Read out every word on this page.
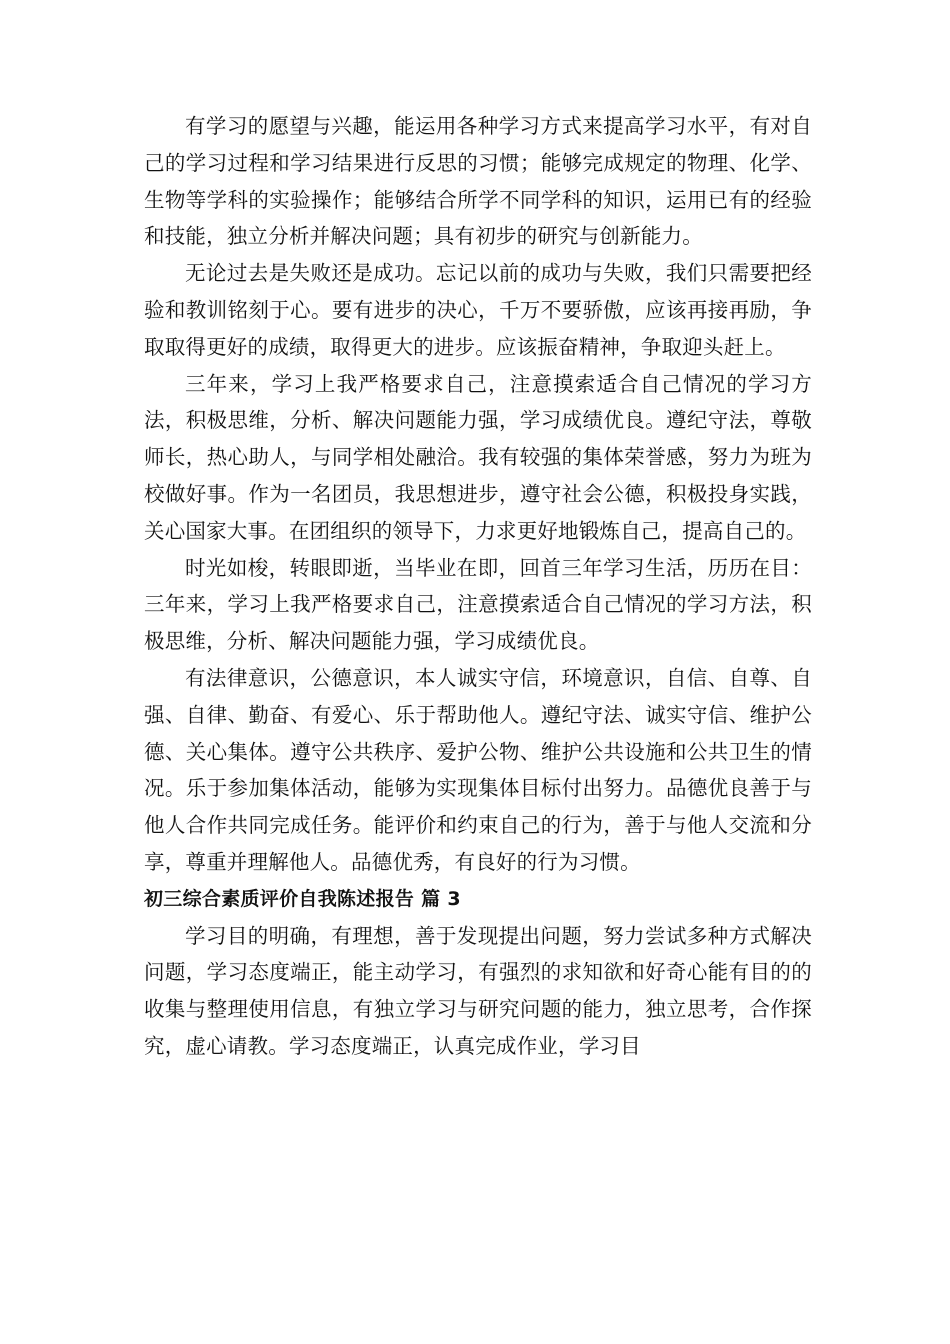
有学习的愿望与兴趣，能运用各种学习方式来提高学习水平，有对自己的学习过程和学习结果进行反思的习惯；能够完成规定的物理、化学、生物等学科的实验操作；能够结合所学不同学科的知识，运用已有的经验和技能，独立分析并解决问题；具有初步的研究与创新能力。

无论过去是失败还是成功。忘记以前的成功与失败，我们只需要把经验和教训铭刻于心。要有进步的决心，千万不要骄傲，应该再接再励，争取取得更好的成绩，取得更大的进步。应该振奋精神，争取迎头赶上。

三年来，学习上我严格要求自己，注意摸索适合自己情况的学习方法，积极思维，分析、解决问题能力强，学习成绩优良。遵纪守法，尊敬师长，热心助人，与同学相处融洽。我有较强的集体荣誉感，努力为班为校做好事。作为一名团员，我思想进步，遵守社会公德，积极投身实践，关心国家大事。在团组织的领导下，力求更好地锻炼自己，提高自己的。

时光如梭，转眼即逝，当毕业在即，回首三年学习生活，历历在目：三年来，学习上我严格要求自己，注意摸索适合自己情况的学习方法，积极思维，分析、解决问题能力强，学习成绩优良。

有法律意识，公德意识，本人诚实守信，环境意识，自信、自尊、自强、自律、勤奋、有爱心、乐于帮助他人。遵纪守法、诚实守信、维护公德、关心集体。遵守公共秩序、爱护公物、维护公共设施和公共卫生的情况。乐于参加集体活动，能够为实现集体目标付出努力。品德优良善于与他人合作共同完成任务。能评价和约束自己的行为，善于与他人交流和分享，尊重并理解他人。品德优秀，有良好的行为习惯。

初三综合素质评价自我陈述报告 篇 3

学习目的明确，有理想，善于发现提出问题，努力尝试多种方式解决问题，学习态度端正，能主动学习，有强烈的求知欲和好奇心能有目的的收集与整理使用信息，有独立学习与研究问题的能力，独立思考，合作探究，虚心请教。学习态度端正，认真完成作业，学习目
